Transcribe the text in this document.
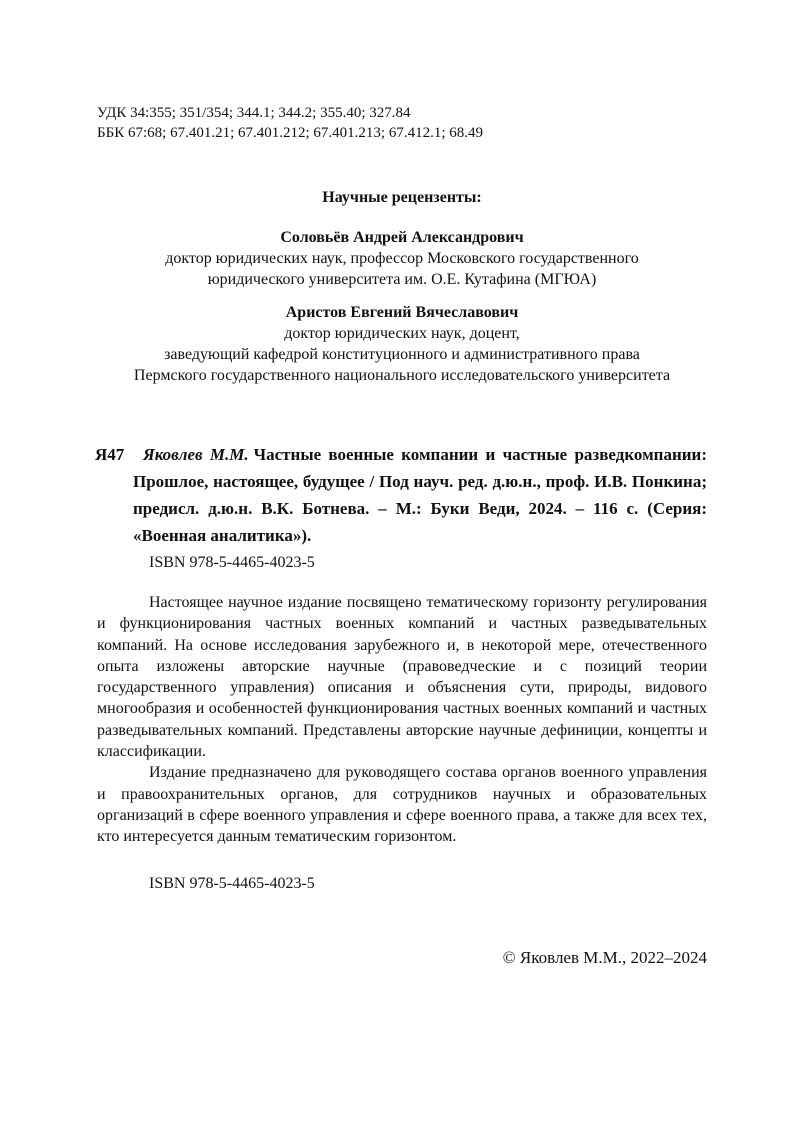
УДК 34:355; 351/354; 344.1; 344.2; 355.40; 327.84
ББК 67:68; 67.401.21; 67.401.212; 67.401.213; 67.412.1; 68.49
Научные рецензенты:
Соловьёв Андрей Александрович
доктор юридических наук, профессор Московского государственного
юридического университета им. О.Е. Кутафина (МГЮА)
Аристов Евгений Вячеславович
доктор юридических наук, доцент,
заведующий кафедрой конституционного и административного права
Пермского государственного национального исследовательского университета
Я47 Яковлев М.М. Частные военные компании и частные разведкомпании: Прошлое, настоящее, будущее / Под науч. ред. д.ю.н., проф. И.В. Понкина; предисл. д.ю.н. В.К. Ботнева. – М.: Буки Веди, 2024. – 116 с. (Серия: «Военная аналитика»).
ISBN 978-5-4465-4023-5

Настоящее научное издание посвящено тематическому горизонту регулирования и функционирования частных военных компаний и частных разведывательных компаний. На основе исследования зарубежного и, в некоторой мере, отечественного опыта изложены авторские научные (правоведческие и с позиций теории государственного управления) описания и объяснения сути, природы, видового многообразия и особенностей функционирования частных военных компаний и частных разведывательных компаний. Представлены авторские научные дефиниции, концепты и классификации.

Издание предназначено для руководящего состава органов военного управления и правоохранительных органов, для сотрудников научных и образовательных организаций в сфере военного управления и сфере военного права, а также для всех тех, кто интересуется данным тематическим горизонтом.

ISBN 978-5-4465-4023-5
© Яковлев М.М., 2022–2024
